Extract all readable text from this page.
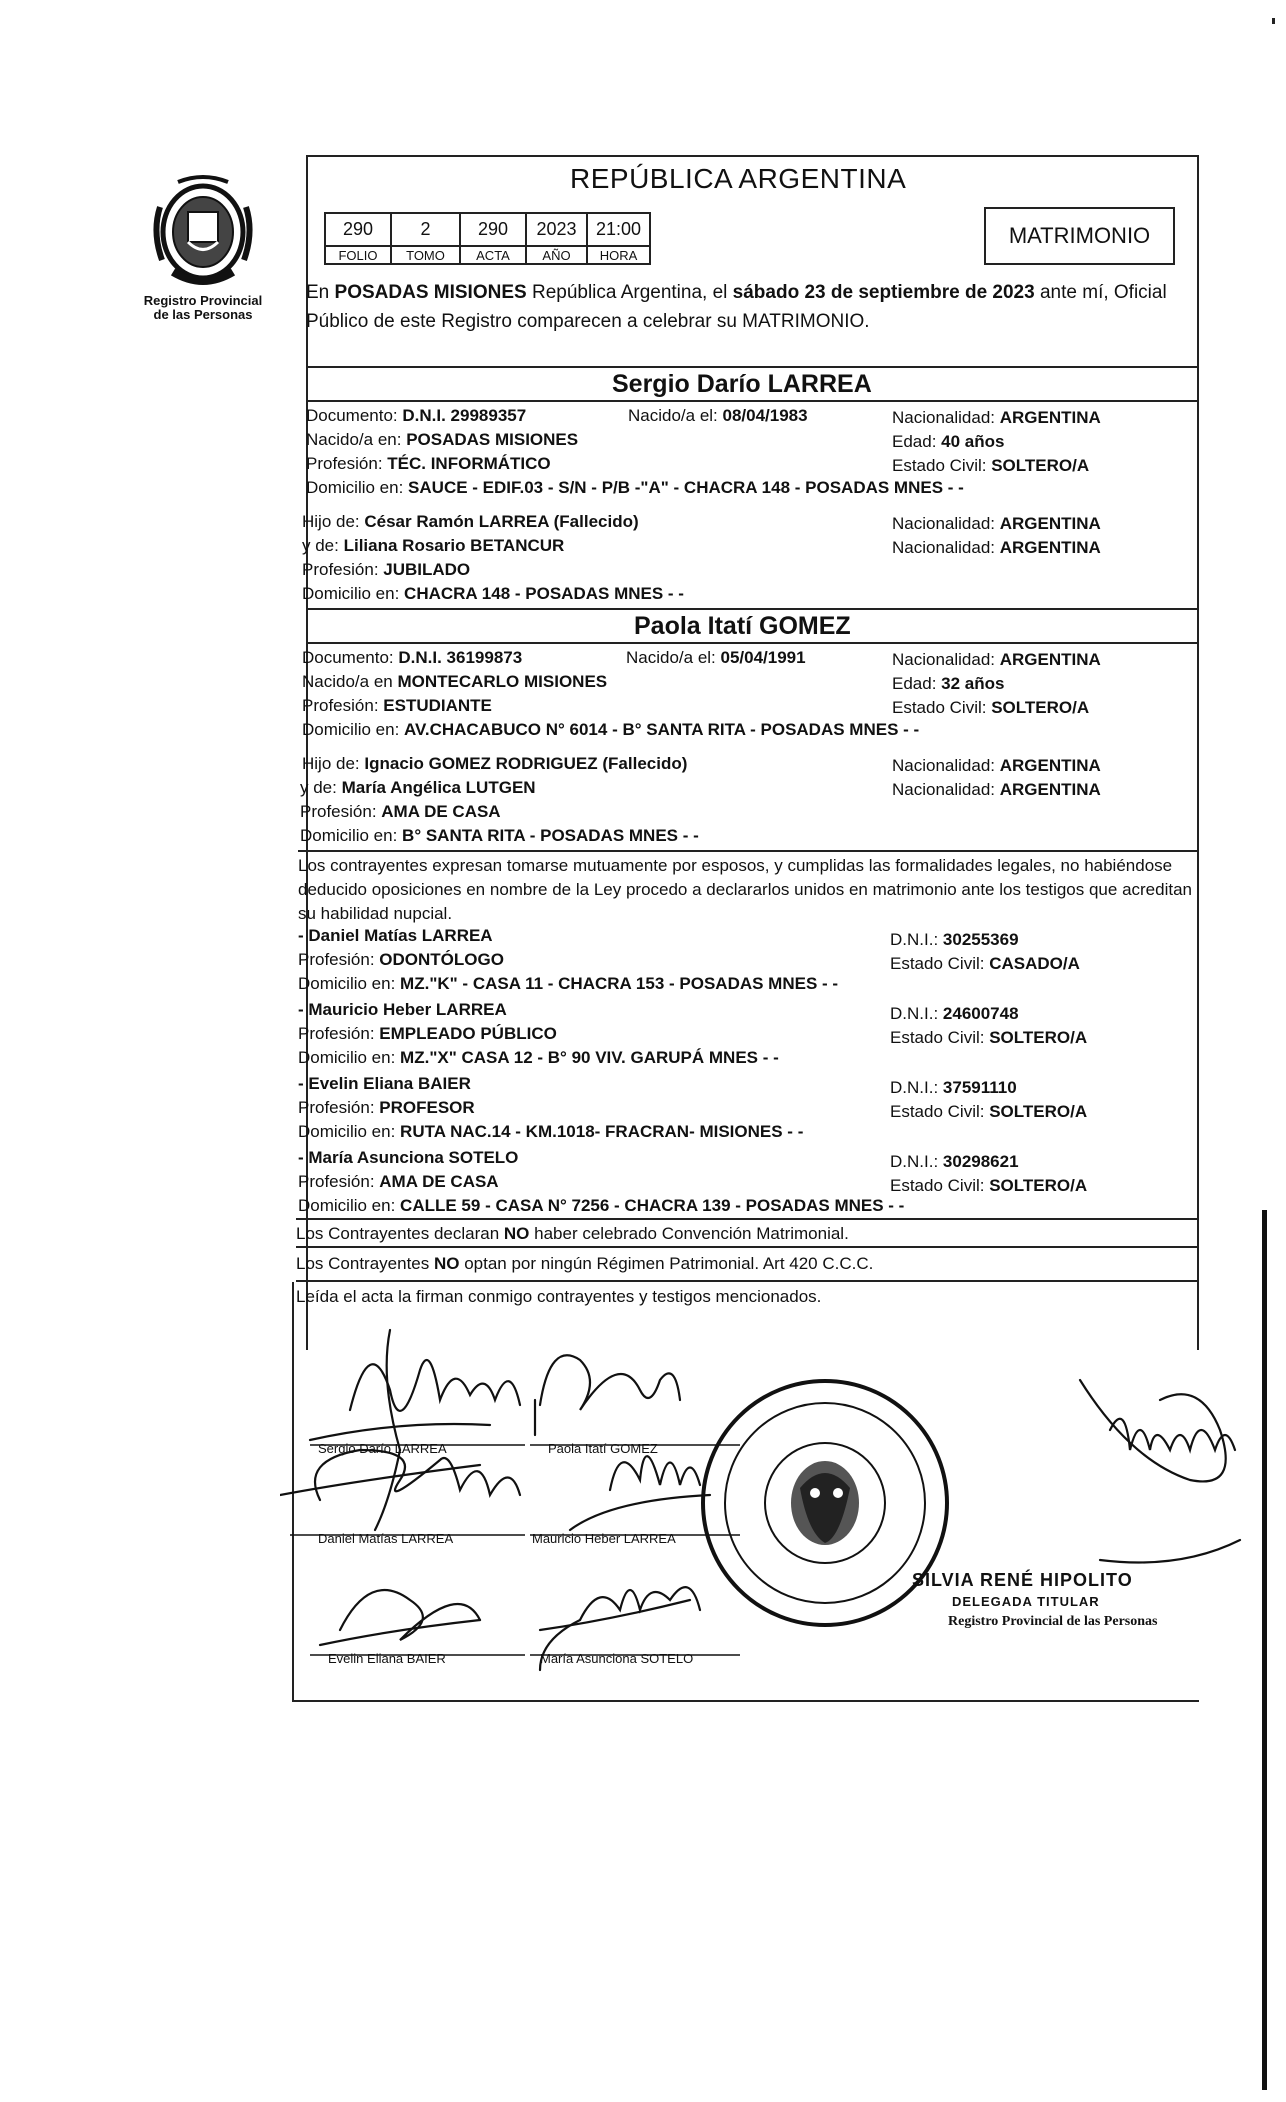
Registro Provincial
de las Personas
REPÚBLICA ARGENTINA
290	2	290	2023	21:00
FOLIO	TOMO	ACTA	AÑO	HORA
MATRIMONIO
En POSADAS MISIONES República Argentina, el sábado 23 de septiembre de 2023 ante mí, Oficial Público de este Registro comparecen a celebrar su MATRIMONIO.
Sergio Darío LARREA
Documento: D.N.I. 29989357	Nacido/a el: 08/04/1983	Nacionalidad: ARGENTINA
Nacido/a en: POSADAS MISIONES	Edad: 40 años
Profesión: TÉC. INFORMÁTICO	Estado Civil: SOLTERO/A
Domicilio en: SAUCE - EDIF.03 - S/N - P/B -"A" - CHACRA 148 - POSADAS MNES - -
Hijo de: César Ramón LARREA (Fallecido)	Nacionalidad: ARGENTINA
y de: Liliana Rosario BETANCUR	Nacionalidad: ARGENTINA
Profesión: JUBILADO
Domicilio en: CHACRA 148 - POSADAS MNES - -
Paola Itatí GOMEZ
Documento: D.N.I. 36199873	Nacido/a el: 05/04/1991	Nacionalidad: ARGENTINA
Nacido/a en MONTECARLO MISIONES	Edad: 32 años
Profesión: ESTUDIANTE	Estado Civil: SOLTERO/A
Domicilio en: AV.CHACABUCO N° 6014 - B° SANTA RITA - POSADAS MNES - -
Hijo de: Ignacio GOMEZ RODRIGUEZ (Fallecido)	Nacionalidad: ARGENTINA
y de: María Angélica LUTGEN	Nacionalidad: ARGENTINA
Profesión: AMA DE CASA
Domicilio en: B° SANTA RITA - POSADAS MNES - -
Los contrayentes expresan tomarse mutuamente por esposos, y cumplidas las formalidades legales, no habiéndose deducido oposiciones en nombre de la Ley procedo a declararlos unidos en matrimonio ante los testigos que acreditan su habilidad nupcial.
- Daniel Matías LARREA	D.N.I.: 30255369
Profesión: ODONTÓLOGO	Estado Civil: CASADO/A
Domicilio en: MZ."K" - CASA 11 - CHACRA 153 - POSADAS MNES - -
- Mauricio Heber LARREA	D.N.I.: 24600748
Profesión: EMPLEADO PÚBLICO	Estado Civil: SOLTERO/A
Domicilio en: MZ."X" CASA 12 - B° 90 VIV. GARUPÁ MNES - -
- Evelin Eliana BAIER	D.N.I.: 37591110
Profesión: PROFESOR	Estado Civil: SOLTERO/A
Domicilio en: RUTA NAC.14 - KM.1018- FRACRAN- MISIONES - -
- María Asunciona SOTELO	D.N.I.: 30298621
Profesión: AMA DE CASA	Estado Civil: SOLTERO/A
Domicilio en: CALLE 59 - CASA N° 7256 - CHACRA 139 - POSADAS MNES - -
Los Contrayentes declaran NO haber celebrado Convención Matrimonial.
Los Contrayentes NO optan por ningún Régimen Patrimonial. Art 420 C.C.C.
Leída el acta la firman conmigo contrayentes y testigos mencionados.
Sergio Darío LARREA	Paola Itatí GOMEZ
Daniel Matías LARREA	Mauricio Heber LARREA
Evelin Eliana BAIER	María Asunciona SOTELO
SILVIA RENÉ HIPOLITO
DELEGADA TITULAR
Registro Provincial de las Personas
